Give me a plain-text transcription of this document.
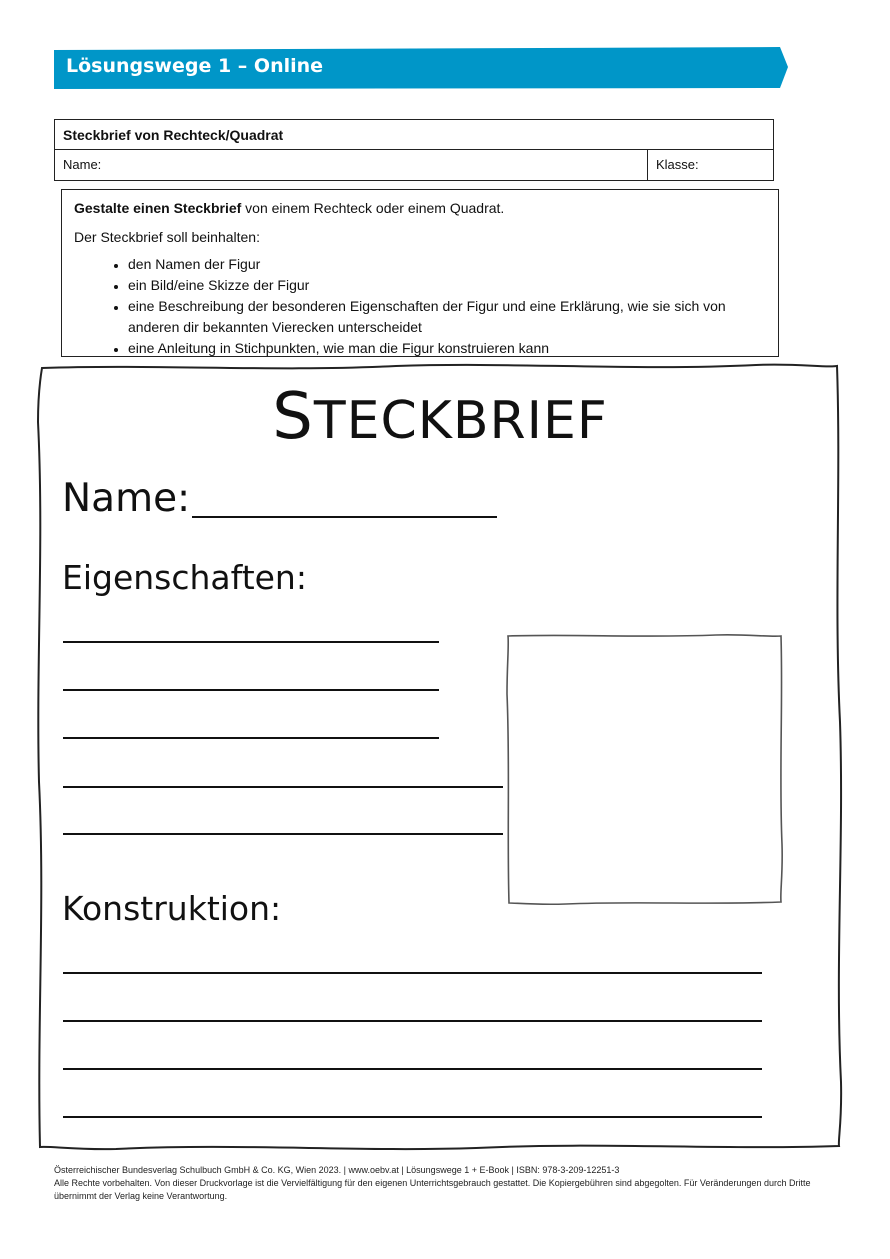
Lösungswege 1 – Online
Steckbrief von Rechteck/Quadrat
Name:	Klasse:

Gestalte einen Steckbrief von einem Rechteck oder einem Quadrat.

Der Steckbrief soll beinhalten:

• den Namen der Figur
• ein Bild/eine Skizze der Figur
• eine Beschreibung der besonderen Eigenschaften der Figur und eine Erklärung, wie sie sich von anderen dir bekannten Vierecken unterscheidet
• eine Anleitung in Stichpunkten, wie man die Figur konstruieren kann
STECKBRIEF
Name:
Eigenschaften:
Konstruktion:
Österreichischer Bundesverlag Schulbuch GmbH & Co. KG, Wien 2023. | www.oebv.at | Lösungswege 1 + E-Book | ISBN: 978-3-209-12251-3
Alle Rechte vorbehalten. Von dieser Druckvorlage ist die Vervielfältigung für den eigenen Unterrichtsgebrauch gestattet. Die Kopiergebühren sind abgegolten. Für Veränderungen durch Dritte übernimmt der Verlag keine Verantwortung.
